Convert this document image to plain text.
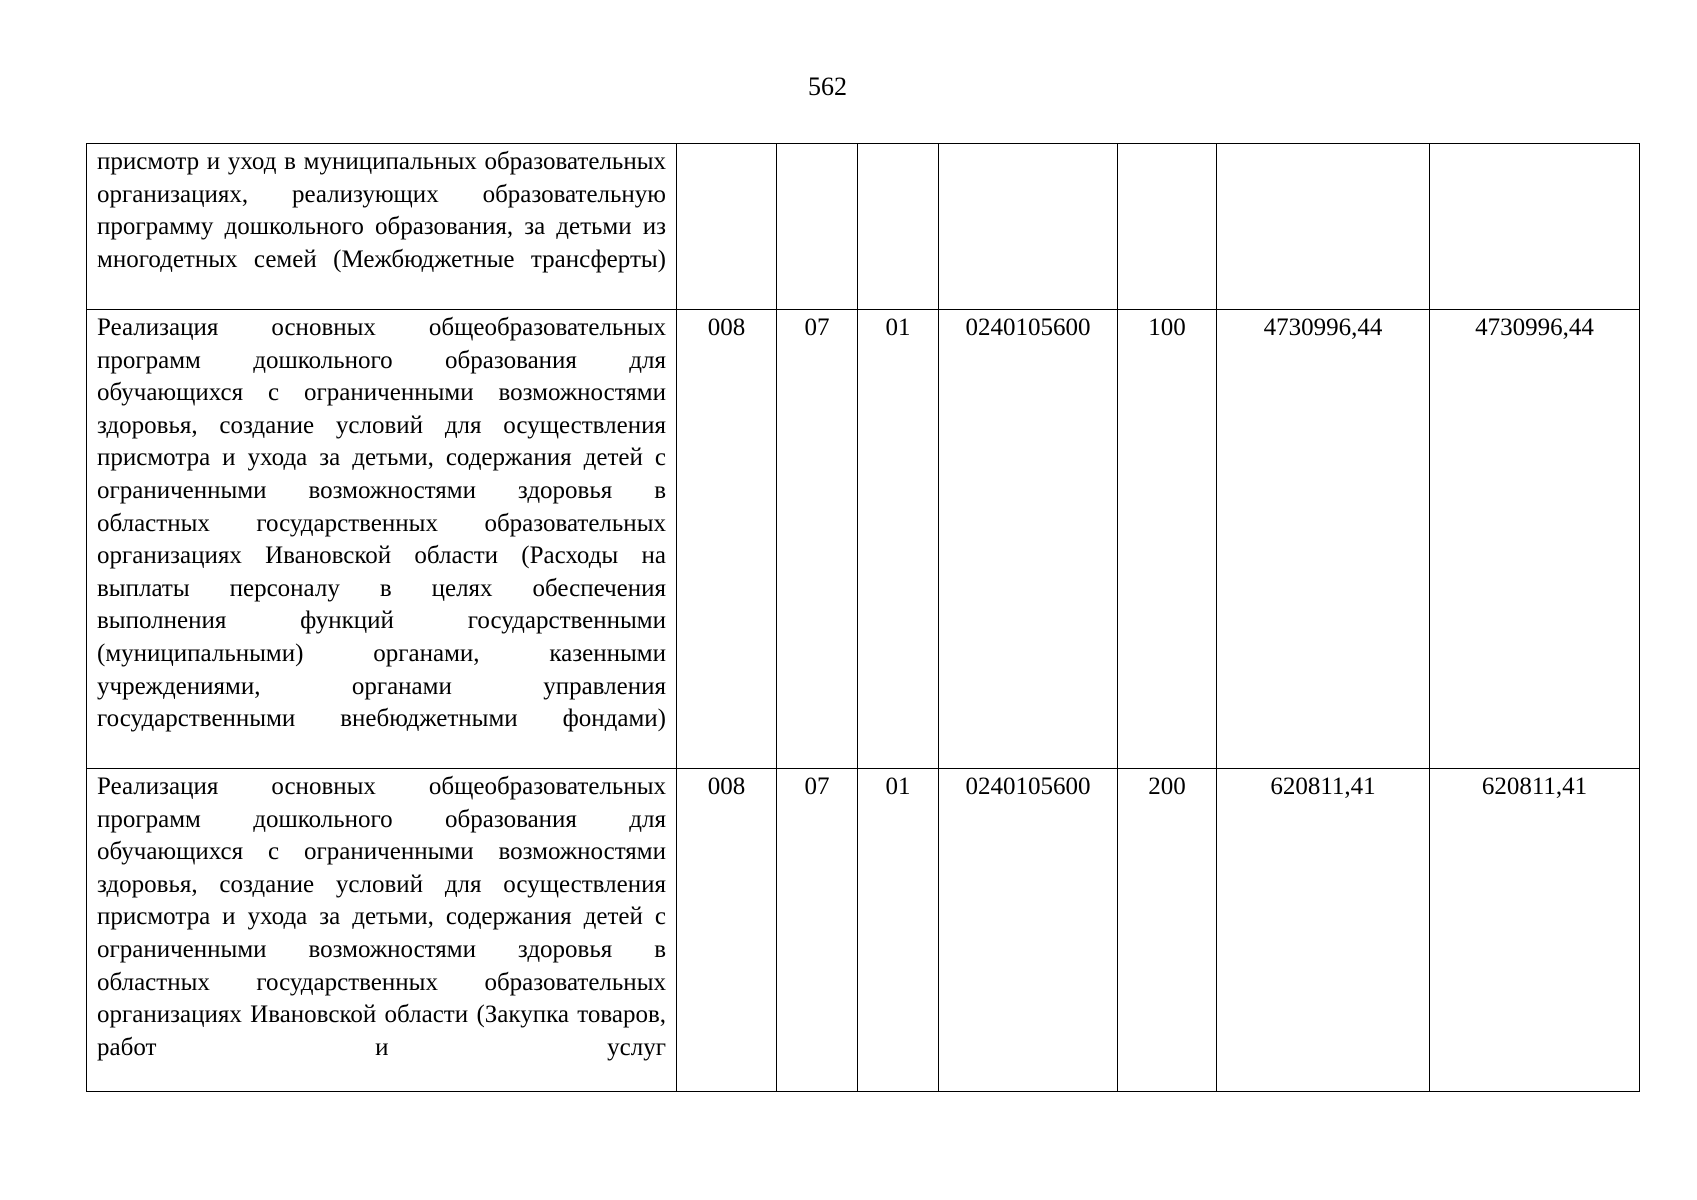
562
присмотр и уход в муниципальных образовательных организациях, реализующих образовательную программу дошкольного образования, за детьми из многодетных семей (Межбюджетные трансферты)							
Реализация основных общеобразовательных программ дошкольного образования для обучающихся с ограниченными возможностями здоровья, создание условий для осуществления присмотра и ухода за детьми, содержания детей с ограниченными возможностями здоровья в областных государственных образовательных организациях Ивановской области (Расходы на выплаты персоналу в целях обеспечения выполнения функций государственными (муниципальными) органами, казенными учреждениями, органами управления государственными внебюджетными фондами)	008	07	01	0240105600	100	4730996,44	4730996,44
Реализация основных общеобразовательных программ дошкольного образования для обучающихся с ограниченными возможностями здоровья, создание условий для осуществления присмотра и ухода за детьми, содержания детей с ограниченными возможностями здоровья в областных государственных образовательных организациях Ивановской области (Закупка товаров, работ и услуг	008	07	01	0240105600	200	620811,41	620811,41
